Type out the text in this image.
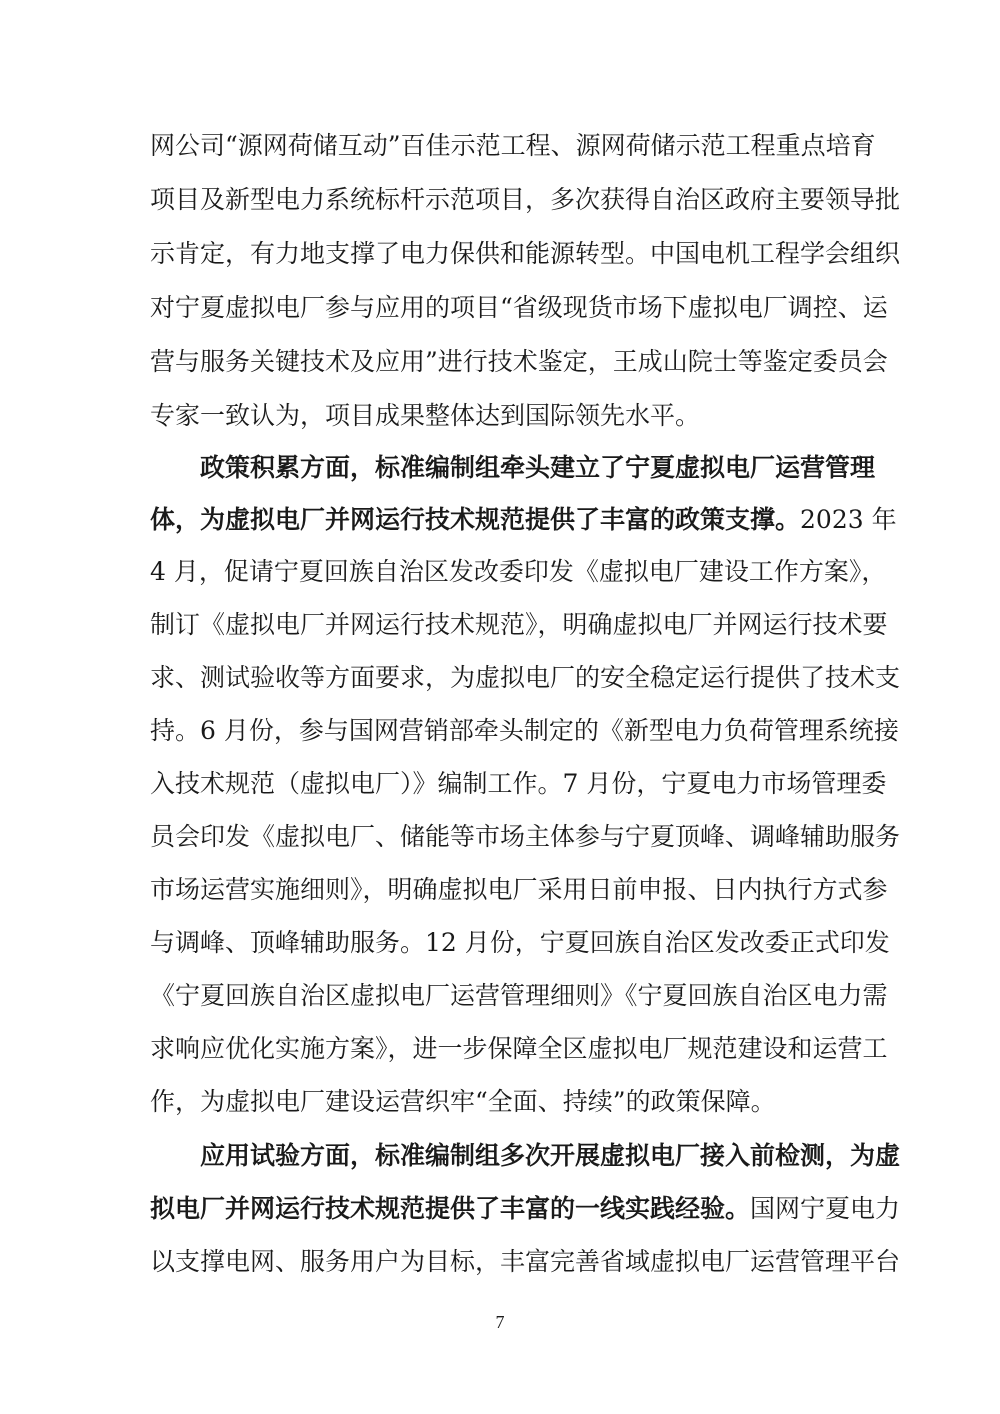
网公司“源网荷储互动”百佳示范工程、源网荷储示范工程重点培育
项目及新型电力系统标杆示范项目，多次获得自治区政府主要领导批
示肯定，有力地支撑了电力保供和能源转型。中国电机工程学会组织
对宁夏虚拟电厂参与应用的项目“省级现货市场下虚拟电厂调控、运
营与服务关键技术及应用”进行技术鉴定，王成山院士等鉴定委员会
专家一致认为，项目成果整体达到国际领先水平。
政策积累方面，标准编制组牵头建立了宁夏虚拟电厂运营管理
体，为虚拟电厂并网运行技术规范提供了丰富的政策支撑。2023 年
4 月，促请宁夏回族自治区发改委印发《虚拟电厂建设工作方案》，
制订《虚拟电厂并网运行技术规范》，明确虚拟电厂并网运行技术要
求、测试验收等方面要求，为虚拟电厂的安全稳定运行提供了技术支
持。6 月份，参与国网营销部牵头制定的《新型电力负荷管理系统接
入技术规范（虚拟电厂）》编制工作。7 月份，宁夏电力市场管理委
员会印发《虚拟电厂、储能等市场主体参与宁夏顶峰、调峰辅助服务
市场运营实施细则》，明确虚拟电厂采用日前申报、日内执行方式参
与调峰、顶峰辅助服务。12 月份，宁夏回族自治区发改委正式印发
《宁夏回族自治区虚拟电厂运营管理细则》《宁夏回族自治区电力需
求响应优化实施方案》，进一步保障全区虚拟电厂规范建设和运营工
作，为虚拟电厂建设运营织牢“全面、持续”的政策保障。
应用试验方面，标准编制组多次开展虚拟电厂接入前检测，为虚
拟电厂并网运行技术规范提供了丰富的一线实践经验。国网宁夏电力
以支撑电网、服务用户为目标，丰富完善省域虚拟电厂运营管理平台
7
